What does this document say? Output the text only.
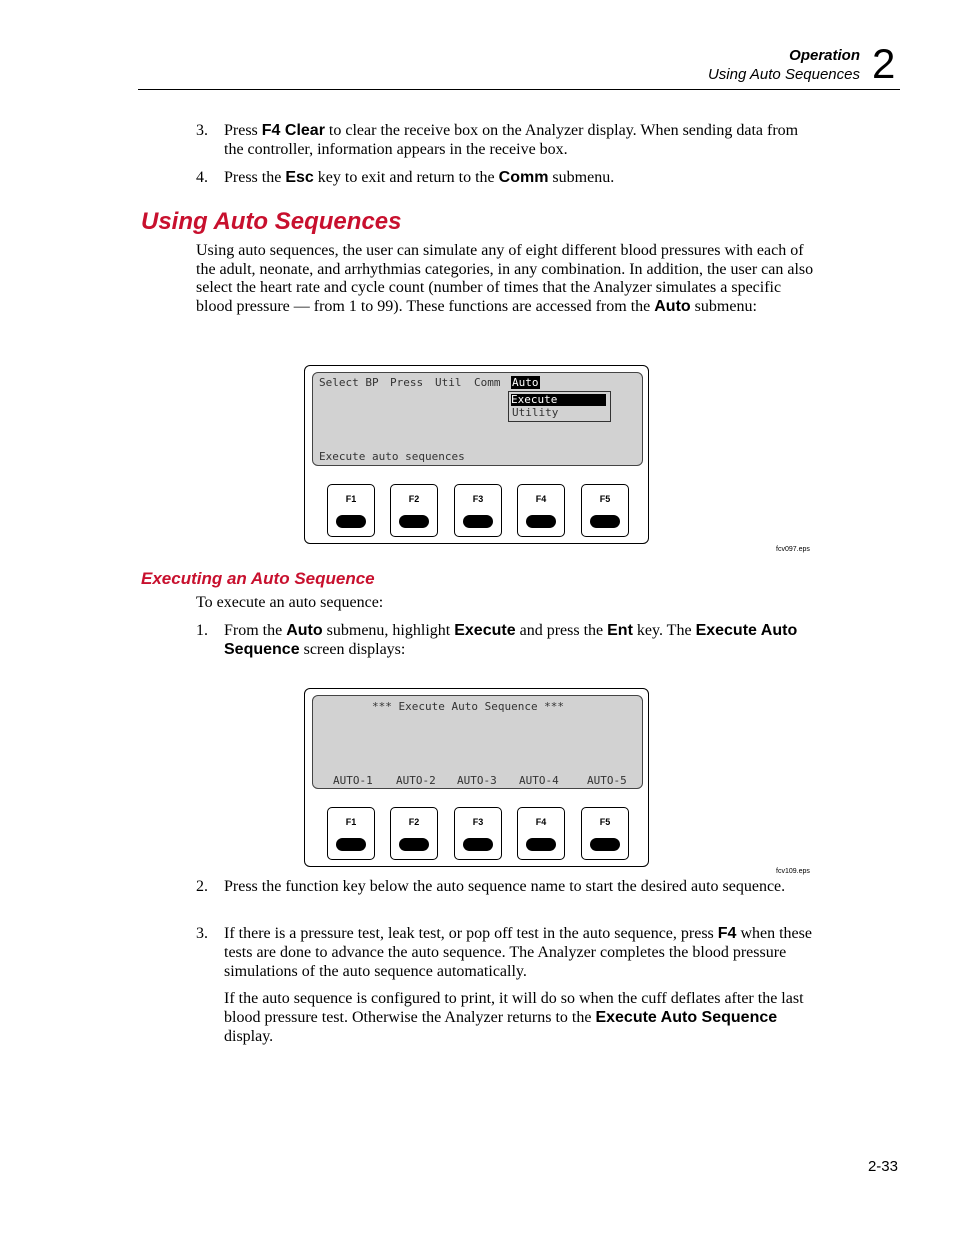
Operation
Using Auto Sequences 2
3. Press F4 Clear to clear the receive box on the Analyzer display. When sending data from the controller, information appears in the receive box.
4. Press the Esc key to exit and return to the Comm submenu.
Using Auto Sequences
Using auto sequences, the user can simulate any of eight different blood pressures with each of the adult, neonate, and arrhythmias categories, in any combination. In addition, the user can also select the heart rate and cycle count (number of times that the Analyzer simulates a specific blood pressure — from 1 to 99). These functions are accessed from the Auto submenu:
Select BP Press Util Comm Auto
Execute
Utility
Execute auto sequences
F1	F2	F3	F4	F5
fcv097.eps
Executing an Auto Sequence
To execute an auto sequence:
1. From the Auto submenu, highlight Execute and press the Ent key. The Execute Auto Sequence screen displays:
*** Execute Auto Sequence ***
AUTO-1 AUTO-2 AUTO-3 AUTO-4	AUTO-5
F1	F2	F3	F4	F5
fcv109.eps
2. Press the function key below the auto sequence name to start the desired auto sequence.
3. If there is a pressure test, leak test, or pop off test in the auto sequence, press F4 when these tests are done to advance the auto sequence. The Analyzer completes the blood pressure simulations of the auto sequence automatically.
If the auto sequence is configured to print, it will do so when the cuff deflates after the last blood pressure test. Otherwise the Analyzer returns to the Execute Auto Sequence display.
2-33
